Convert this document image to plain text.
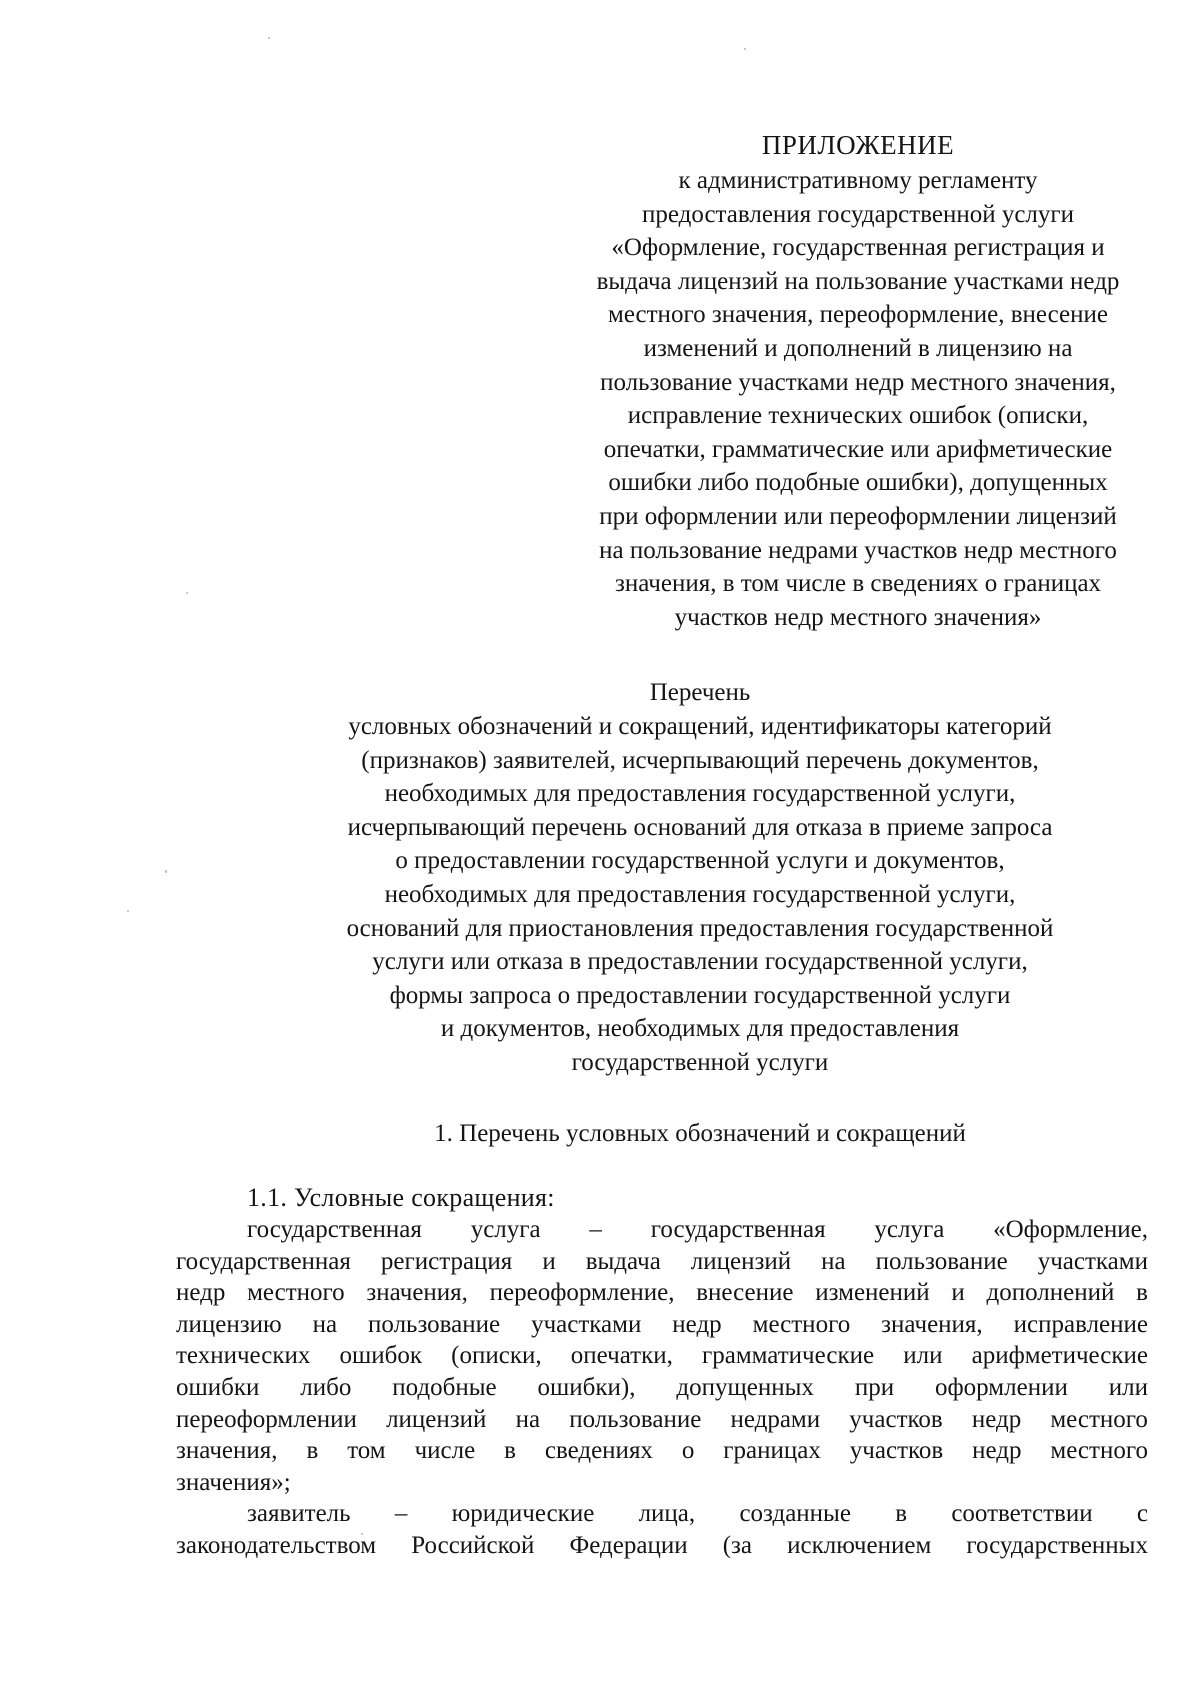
ПРИЛОЖЕНИЕ
к административному регламенту
предоставления государственной услуги
«Оформление, государственная регистрация и
выдача лицензий на пользование участками недр
местного значения, переоформление, внесение
изменений и дополнений в лицензию на
пользование участками недр местного значения,
исправление технических ошибок (описки,
опечатки, грамматические или арифметические
ошибки либо подобные ошибки), допущенных
при оформлении или переоформлении лицензий
на пользование недрами участков недр местного
значения, в том числе в сведениях о границах
участков недр местного значения»
Перечень
условных обозначений и сокращений, идентификаторы категорий
(признаков) заявителей, исчерпывающий перечень документов,
необходимых для предоставления государственной услуги,
исчерпывающий перечень оснований для отказа в приеме запроса
о предоставлении государственной услуги и документов,
необходимых для предоставления государственной услуги,
оснований для приостановления предоставления государственной
услуги или отказа в предоставлении государственной услуги,
формы запроса о предоставлении государственной услуги
и документов, необходимых для предоставления
государственной услуги
1. Перечень условных обозначений и сокращений
1.1. Условные сокращения:
государственная услуга – государственная услуга «Оформление,
государственная регистрация и выдача лицензий на пользование участками
недр местного значения, переоформление, внесение изменений и дополнений в
лицензию на пользование участками недр местного значения, исправление
технических ошибок (описки, опечатки, грамматические или арифметические
ошибки либо подобные ошибки), допущенных при оформлении или
переоформлении лицензий на пользование недрами участков недр местного
значения, в том числе в сведениях о границах участков недр местного
значения»;
заявитель – юридические лица, созданные в соответствии с
законодательством Российской Федерации (за исключением государственных
